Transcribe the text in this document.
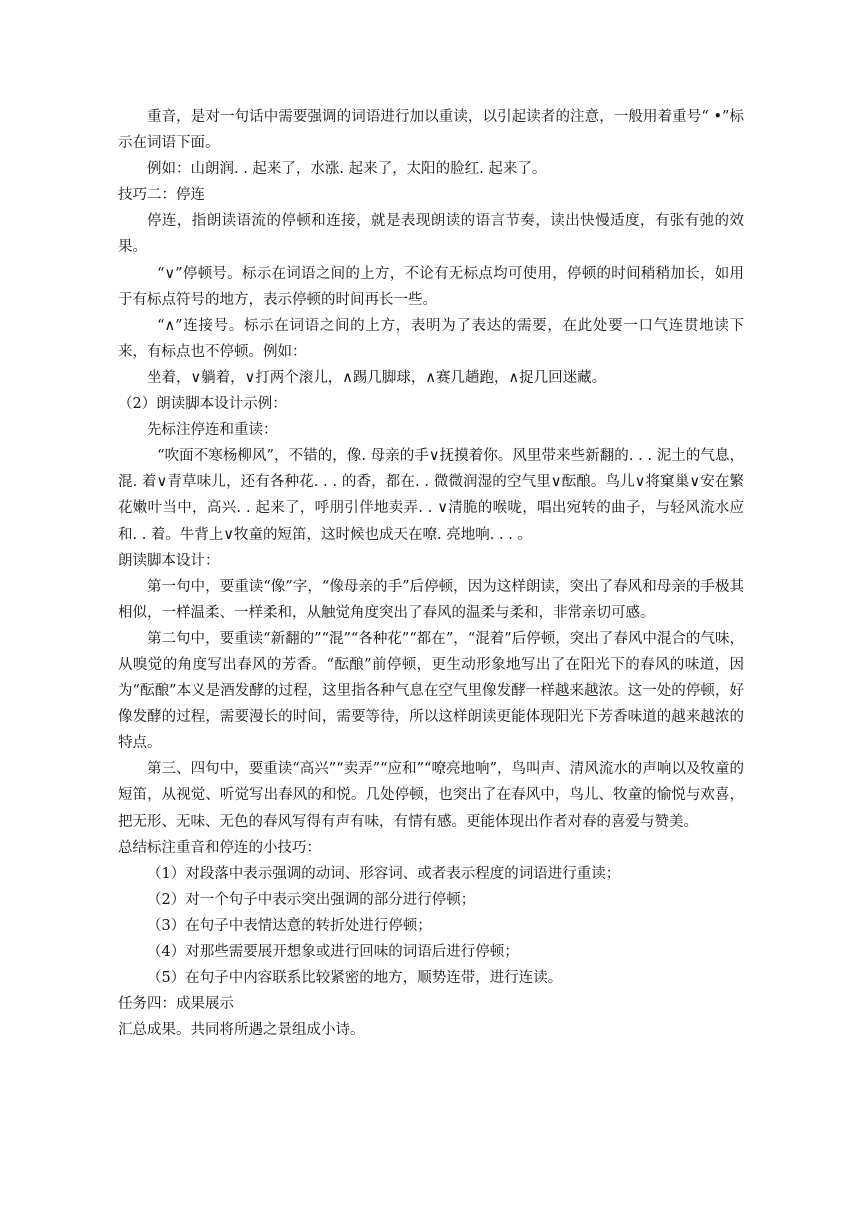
重音，是对一句话中需要强调的词语进行加以重读，以引起读者的注意，一般用着重号“ •”标示在词语下面。

例如：山朗润. . 起来了，水涨. 起来了，太阳的脸红. 起来了。

技巧二：停连

停连，指朗读语流的停顿和连接，就是表现朗读的语言节奏，读出快慢适度，有张有弛的效果。

“∨”停顿号。标示在词语之间的上方，不论有无标点均可使用，停顿的时间稍稍加长，如用于有标点符号的地方，表示停顿的时间再长一些。

“∧”连接号。标示在词语之间的上方，表明为了表达的需要，在此处要一口气连贯地读下来，有标点也不停顿。例如：

坐着，∨躺着，∨打两个滚儿，∧踢几脚球，∧赛几趟跑，∧捉几回迷藏。

（2）朗读脚本设计示例：

先标注停连和重读：

“吹面不寒杨柳风”，不错的，像. 母亲的手∨抚摸着你。风里带来些新翻的. . . 泥土的气息，混. 着∨青草味儿，还有各种花. . . 的香，都在. . 微微润湿的空气里∨酝酿。鸟儿∨将窠巢∨安在繁花嫩叶当中，高兴. . 起来了，呼朋引伴地卖弄. . ∨清脆的喉咙，唱出宛转的曲子，与轻风流水应和. . 着。牛背上∨牧童的短笛，这时候也成天在嘹. 亮地响. . . 。

朗读脚本设计：

第一句中，要重读“像”字，“像母亲的手”后停顿，因为这样朗读，突出了春风和母亲的手极其相似，一样温柔、一样柔和，从触觉角度突出了春风的温柔与柔和，非常亲切可感。

第二句中，要重读“新翻的”“混”“各种花”“都在”，“混着”后停顿，突出了春风中混合的气味，从嗅觉的角度写出春风的芳香。“酝酿”前停顿，更生动形象地写出了在阳光下的春风的味道，因为“酝酿”本义是酒发酵的过程，这里指各种气息在空气里像发酵一样越来越浓。这一处的停顿，好像发酵的过程，需要漫长的时间，需要等待，所以这样朗读更能体现阳光下芳香味道的越来越浓的特点。

第三、四句中，要重读“高兴”“卖弄”“应和”“嘹亮地响”，鸟叫声、清风流水的声响以及牧童的短笛，从视觉、听觉写出春风的和悦。几处停顿，也突出了在春风中，鸟儿、牧童的愉悦与欢喜，把无形、无味、无色的春风写得有声有味，有情有感。更能体现出作者对春的喜爱与赞美。

总结标注重音和停连的小技巧：

（1）对段落中表示强调的动词、形容词、或者表示程度的词语进行重读；

（2）对一个句子中表示突出强调的部分进行停顿；

（3）在句子中表情达意的转折处进行停顿；

（4）对那些需要展开想象或进行回味的词语后进行停顿；

（5）在句子中内容联系比较紧密的地方，顺势连带，进行连读。

任务四：成果展示

汇总成果。共同将所遇之景组成小诗。
